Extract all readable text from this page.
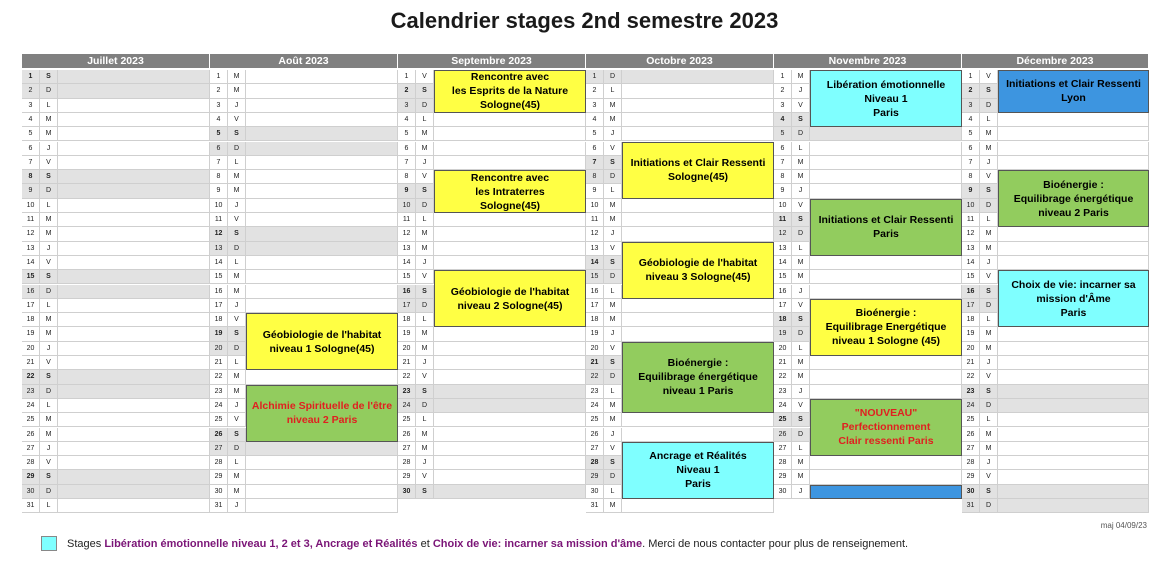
Calendrier stages 2nd semestre 2023
Juillet 2023
1	S
2	D
3	L
4	M
5	M
6	J
7	V
8	S
9	D
10	L
11	M
12	M
13	J
14	V
15	S
16	D
17	L
18	M
19	M
20	J
21	V
22	S
23	D
24	L
25	M
26	M
27	J
28	V
29	S
30	D
31	L
Août 2023
1	M
2	M
3	J
4	V
5	S
6	D
7	L
8	M
9	M
10	J
11	V
12	S
13	D
14	L
15	M
16	M
17	J
18	V
19	S
20	D
21	L
22	M
23	M
24	J
25	V
26	S
27	D
28	L
29	M
30	M
31	J
Septembre 2023
1	V
2	S
3	D
4	L
5	M
6	M
7	J
8	V
9	S
10	D
11	L
12	M
13	M
14	J
15	V
16	S
17	D
18	L
19	M
20	M
21	J
22	V
23	S
24	D
25	L
26	M
27	M
28	J
29	V
30	S
Octobre 2023
1	D
2	L
3	M
4	M
5	J
6	V
7	S
8	D
9	L
10	M
11	M
12	J
13	V
14	S
15	D
16	L
17	M
18	M
19	J
20	V
21	S
22	D
23	L
24	M
25	M
26	J
27	V
28	S
29	D
30	L
31	M
Novembre 2023
1	M
2	J
3	V
4	S
5	D
6	L
7	M
8	M
9	J
10	V
11	S
12	D
13	L
14	M
15	M
16	J
17	V
18	S
19	D
20	L
21	M
22	M
23	J
24	V
25	S
26	D
27	L
28	M
29	M
30	J
Décembre 2023
1	V
2	S
3	D
4	L
5	M
6	M
7	J
8	V
9	S
10	D
11	L
12	M
13	M
14	J
15	V
16	S
17	D
18	L
19	M
20	M
21	J
22	V
23	S
24	D
25	L
26	M
27	M
28	J
29	V
30	S
31	D
Rencontre avec
les Esprits de la Nature
Sologne(45)
Rencontre avec
les Intraterres
Sologne(45)
Géobiologie de l'habitat
niveau 2 Sologne(45)
Géobiologie de l'habitat
niveau 1 Sologne(45)
Alchimie Spirituelle de l'être
niveau 2 Paris
Initiations et Clair Ressenti
Sologne(45)
Géobiologie de l'habitat
niveau 3 Sologne(45)
Bioénergie :
Equilibrage énergétique
niveau 1 Paris
Ancrage et Réalités
Niveau 1
Paris
Libération émotionnelle
Niveau 1
Paris
Initiations et Clair Ressenti
Paris
Bioénergie :
Equilibrage Energétique
niveau 1 Sologne (45)
"NOUVEAU"
Perfectionnement
Clair ressenti Paris
Initiations et Clair Ressenti
Lyon
Bioénergie :
Equilibrage énergétique
niveau 2 Paris
Choix de vie: incarner sa
mission d'Âme
Paris
maj 04/09/23
Stages
Libération émotionnelle niveau 1, 2 et 3, Ancrage et Réalités
et
Choix de vie: incarner sa mission d'âme . Merci de nous contacter pour plus de renseignement.
